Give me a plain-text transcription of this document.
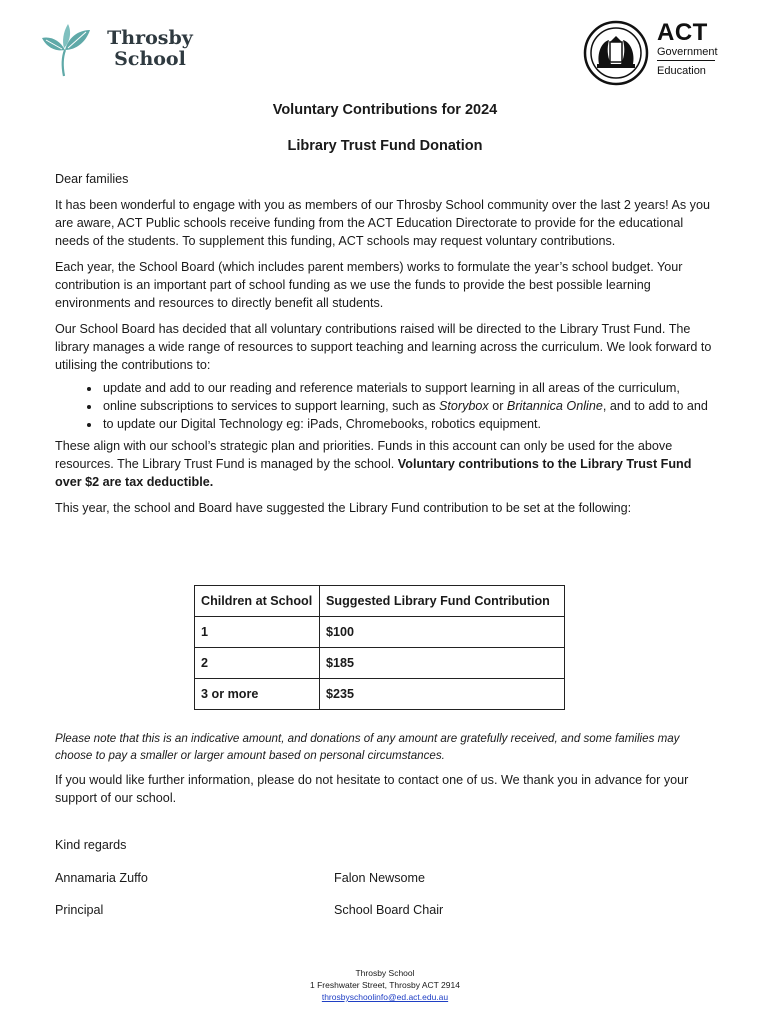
Throsby
School
ACT
Government
Education
Voluntary Contributions for 2024
Library Trust Fund Donation

Dear families

It has been wonderful to engage with you as members of our Throsby School community over the last 2 years! As you are aware, ACT Public schools receive funding from the ACT Education Directorate to provide for the educational needs of the students. To supplement this funding, ACT schools may request voluntary contributions.

Each year, the School Board (which includes parent members) works to formulate the year’s school budget. Your contribution is an important part of school funding as we use the funds to provide the best possible learning environments and resources to directly benefit all students.

Our School Board has decided that all voluntary contributions raised will be directed to the Library Trust Fund. The library manages a wide range of resources to support teaching and learning across the curriculum. We look forward to utilising the contributions to:

• update and add to our reading and reference materials to support learning in all areas of the curriculum,
• online subscriptions to services to support learning, such as Storybox or Britannica Online, and to add to and
• to update our Digital Technology eg: iPads, Chromebooks, robotics equipment.

These align with our school’s strategic plan and priorities. Funds in this account can only be used for the above resources. The Library Trust Fund is managed by the school. Voluntary contributions to the Library Trust Fund over $2 are tax deductible.

This year, the school and Board have suggested the Library Fund contribution to be set at the following:

Children at School	Suggested Library Fund Contribution
1	$100
2	$185
3 or more	$235
Please note that this is an indicative amount, and donations of any amount are gratefully received, and some families may choose to pay a smaller or larger amount based on personal circumstances.
If you would like further information, please do not hesitate to contact one of us. We thank you in advance for your support of our school.
Kind regards
Annamaria Zuffo	Falon Newsome
Principal	School Board Chair
Throsby School
1 Freshwater Street, Throsby ACT 2914
throsbyschoolinfo@ed.act.edu.au
